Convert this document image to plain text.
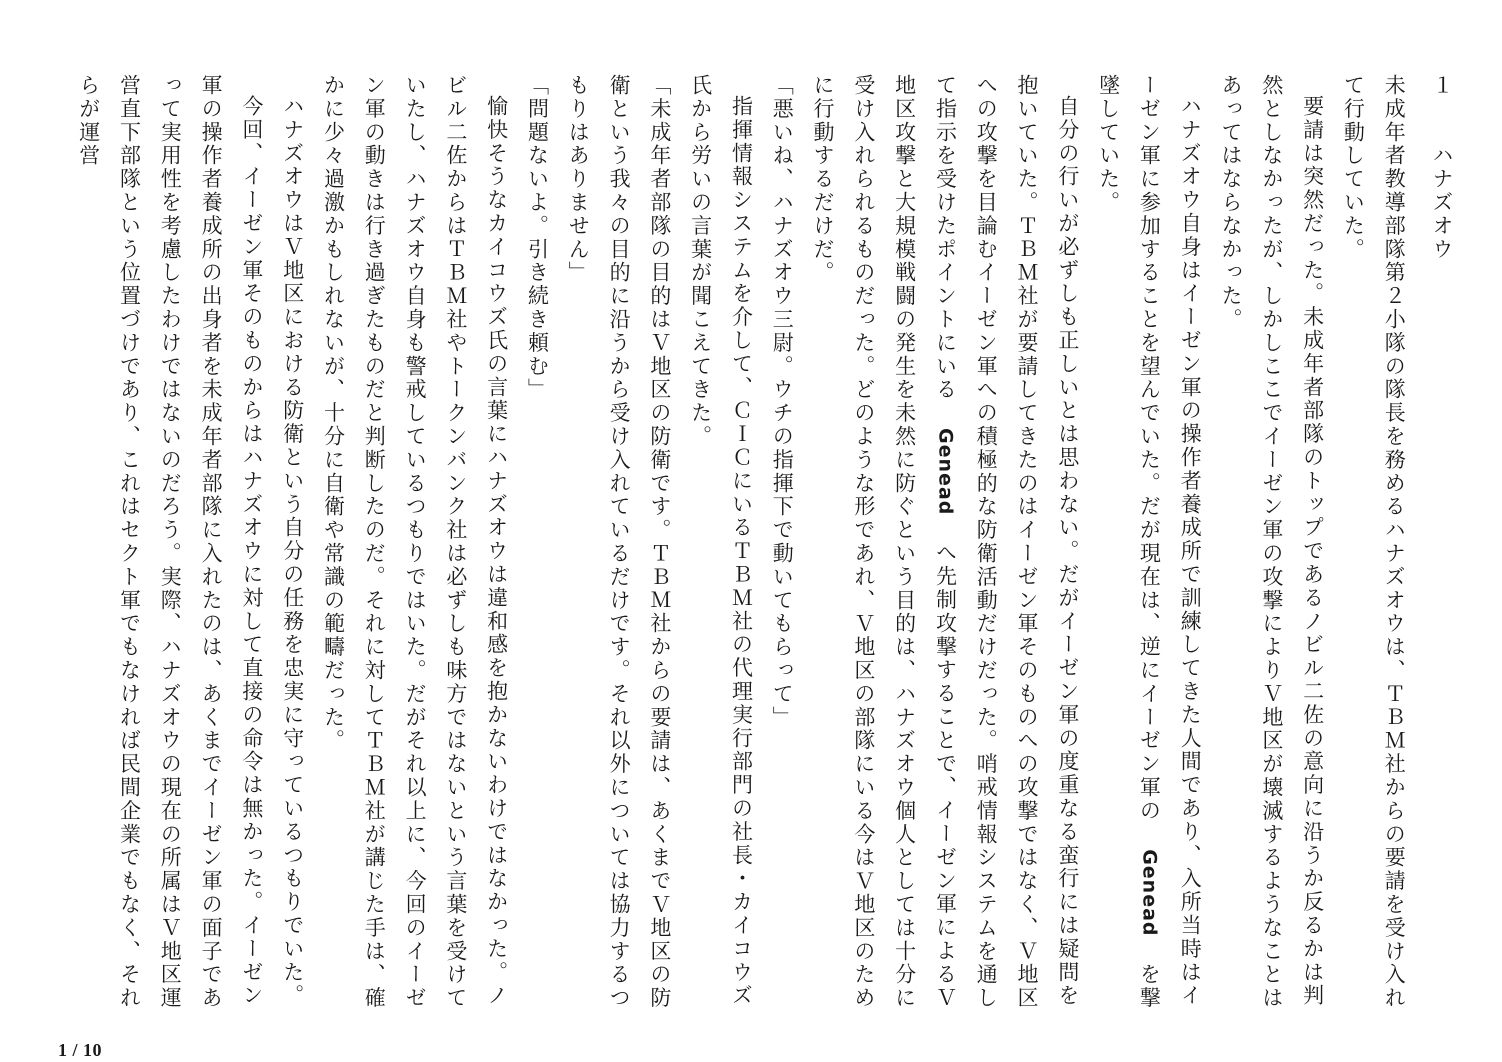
１　　ハナズオウ

未成年者教導部隊第２小隊の隊長を務めるハナズオウは、ＴＢＭ社からの要請を受け入れて行動していた。

要請は突然だった。未成年者部隊のトップであるノビル二佐の意向に沿うか反るかは判然としなかったが、しかしここでイーゼン軍の攻撃によりＶ地区が壊滅するようなことはあってはならなかった。

ハナズオウ自身はイーゼン軍の操作者養成所で訓練してきた人間であり、入所当時はイーゼン軍に参加することを望んでいた。だが現在は、逆にイーゼン軍の Genead を撃墜していた。

自分の行いが必ずしも正しいとは思わない。だがイーゼン軍の度重なる蛮行には疑問を抱いていた。ＴＢＭ社が要請してきたのはイーゼン軍そのものへの攻撃ではなく、Ｖ地区への攻撃を目論むイーゼン軍への積極的な防衛活動だけだった。哨戒情報システムを通して指示を受けたポイントにいる Genead へ先制攻撃することで、イーゼン軍によるＶ地区攻撃と大規模戦闘の発生を未然に防ぐという目的は、ハナズオウ個人としては十分に受け入れられるものだった。どのような形であれ、Ｖ地区の部隊にいる今はＶ地区のために行動するだけだ。

「悪いね、ハナズオウ三尉。ウチの指揮下で動いてもらって」

指揮情報システムを介して、ＣＩＣにいるＴＢＭ社の代理実行部門の社長・カイコウズ氏から労いの言葉が聞こえてきた。

「未成年者部隊の目的はＶ地区の防衛です。ＴＢＭ社からの要請は、あくまでＶ地区の防衛という我々の目的に沿うから受け入れているだけです。それ以外については協力するつもりはありません」

「問題ないよ。引き続き頼む」

愉快そうなカイコウズ氏の言葉にハナズオウは違和感を抱かないわけではなかった。ノビル二佐からはＴＢＭ社やトークンバンク社は必ずしも味方ではないという言葉を受けていたし、ハナズオウ自身も警戒しているつもりではいた。だがそれ以上に、今回のイーゼン軍の動きは行き過ぎたものだと判断したのだ。それに対してＴＢＭ社が講じた手は、確かに少々過激かもしれないが、十分に自衛や常識の範疇だった。

ハナズオウはＶ地区における防衛という自分の任務を忠実に守っているつもりでいた。

今回、イーゼン軍そのものからはハナズオウに対して直接の命令は無かった。イーゼン軍の操作者養成所の出身者を未成年者部隊に入れたのは、あくまでイーゼン軍の面子であって実用性を考慮したわけではないのだろう。実際、ハナズオウの現在の所属はＶ地区運営直下部隊という位置づけであり、これはセクト軍でもなければ民間企業でもなく、それらが運営

1 / 10
